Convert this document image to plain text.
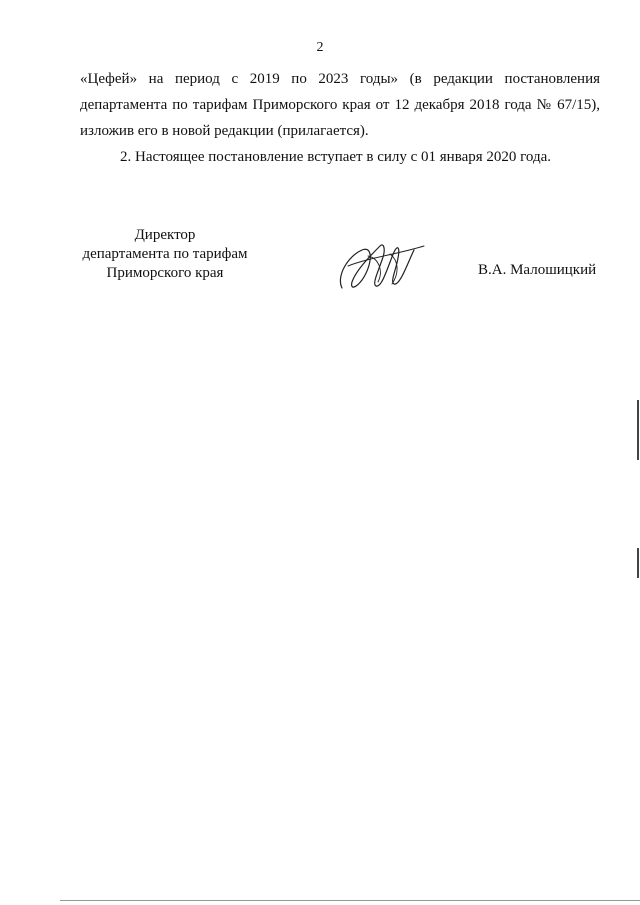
2
«Цефей» на период с 2019 по 2023 годы» (в редакции постановления
департамента по тарифам Приморского края от 12 декабря 2018 года № 67/15),
изложив его в новой редакции (прилагается).
2. Настоящее постановление вступает в силу с 01 января 2020 года.
Директор
департамента по тарифам
Приморского края	В.А. Малошицкий
